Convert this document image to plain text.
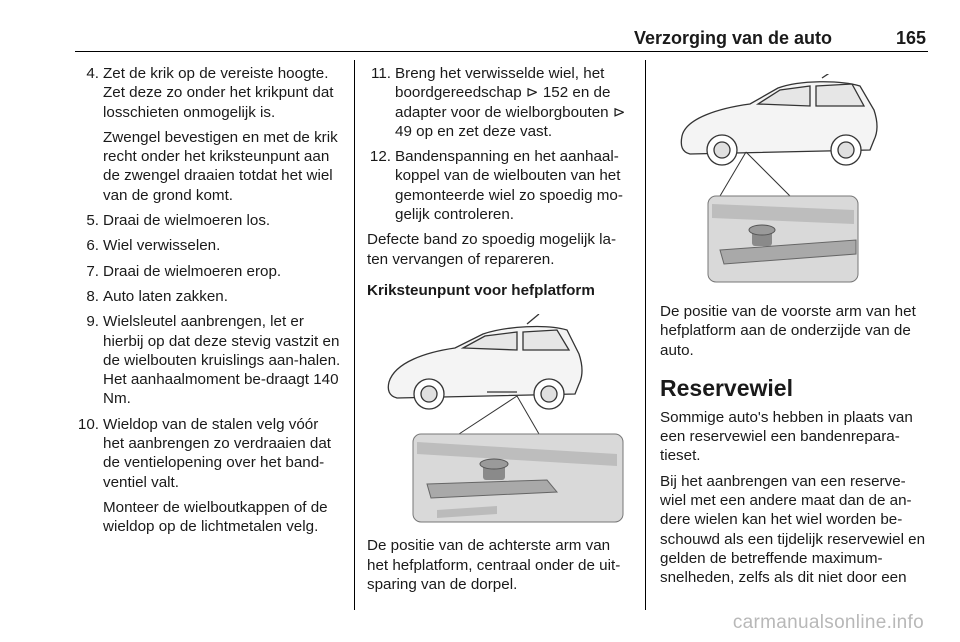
Verzorging van de auto	165
4. Zet de krik op de vereiste hoogte. Zet deze zo onder het krikpunt dat losschieten onmogelijk is.
Zwengel bevestigen en met de krik recht onder het kriksteunpunt aan de zwengel draaien totdat het wiel van de grond komt.
5. Draai de wielmoeren los.
6. Wiel verwisselen.
7. Draai de wielmoeren erop.
8. Auto laten zakken.
9. Wielsleutel aanbrengen, let er hierbij op dat deze stevig vastzit en de wielbouten kruislings aan-halen. Het aanhaalmoment be-draagt 140 Nm.
10. Wieldop van de stalen velg vóór het aanbrengen zo verdraaien dat de ventielopening over het band-ventiel valt.
Monteer de wielboutkappen of de wieldop op de lichtmetalen velg.
11. Breng het verwisselde wiel, het boordgereedschap ⊳ 152 en de adapter voor de wielborgbouten ⊳ 49 op en zet deze vast.
12. Bandenspanning en het aanhaal-koppel van de wielbouten van het gemonteerde wiel zo spoedig mo-gelijk controleren.

Defecte band zo spoedig mogelijk la-ten vervangen of repareren.

Kriksteunpunt voor hefplatform

De positie van de achterste arm van het hefplatform, centraal onder de uit-sparing van de dorpel.

De positie van de voorste arm van het hefplatform aan de onderzijde van de auto.

Reservewiel

Sommige auto's hebben in plaats van een reservewiel een bandenrepara-tieset.

Bij het aanbrengen van een reserve-wiel met een andere maat dan de an-dere wielen kan het wiel worden be-schouwd als een tijdelijk reservewiel en gelden de betreffende maximum-snelheden, zelfs als dit niet door een

carmanualsonline.info
